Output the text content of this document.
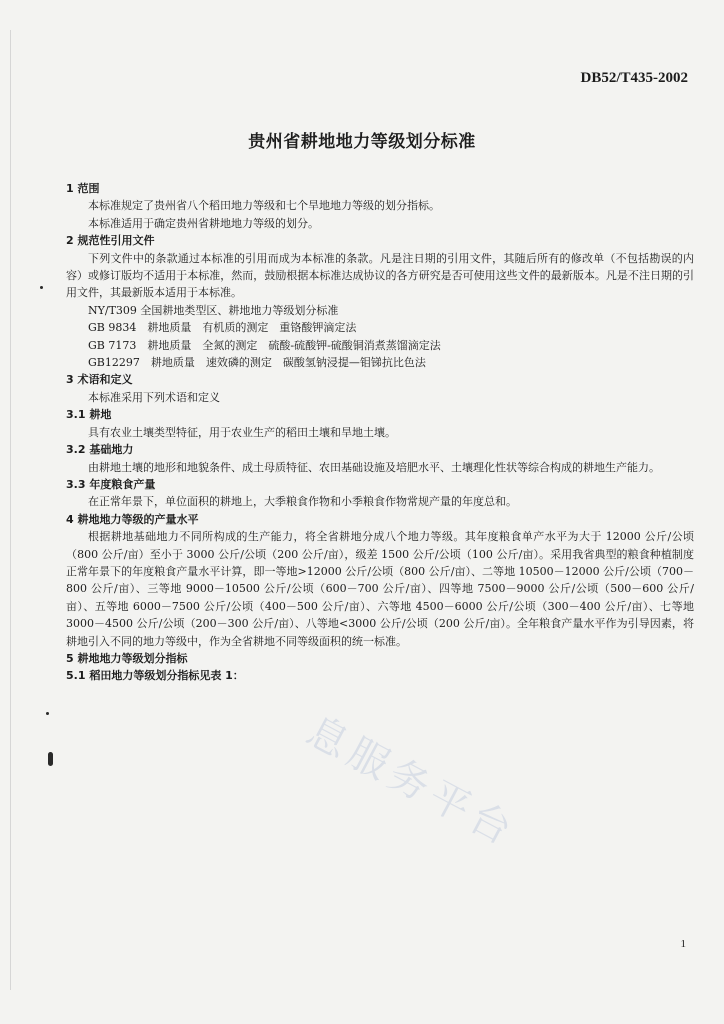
DB52/T435-2002
贵州省耕地地力等级划分标准

1 范围

本标准规定了贵州省八个稻田地力等级和七个旱地地力等级的划分指标。

本标准适用于确定贵州省耕地地力等级的划分。

2 规范性引用文件

下列文件中的条款通过本标准的引用而成为本标准的条款。凡是注日期的引用文件，其随后所有的修改单（不包括勘误的内容）或修订版均不适用于本标准，然而，鼓励根据本标准达成协议的各方研究是否可使用这些文件的最新版本。凡是不注日期的引用文件，其最新版本适用于本标准。

NY/T309 全国耕地类型区、耕地地力等级划分标准

GB 9834　耕地质量　有机质的测定　重铬酸钾滴定法

GB 7173　耕地质量　全氮的测定　硫酸-硫酸钾-硫酸铜消煮蒸馏滴定法

GB12297　耕地质量　速效磷的测定　碳酸氢钠浸提—钼锑抗比色法

3 术语和定义

本标准采用下列术语和定义

3.1 耕地

具有农业土壤类型特征，用于农业生产的稻田土壤和旱地土壤。

3.2 基础地力

由耕地土壤的地形和地貌条件、成土母质特征、农田基础设施及培肥水平、土壤理化性状等综合构成的耕地生产能力。

3.3 年度粮食产量

在正常年景下，单位面积的耕地上，大季粮食作物和小季粮食作物常规产量的年度总和。

4 耕地地力等级的产量水平

根据耕地基础地力不同所构成的生产能力，将全省耕地分成八个地力等级。其年度粮食单产水平为大于 12000 公斤/公顷（800 公斤/亩）至小于 3000 公斤/公顷（200 公斤/亩），级差 1500 公斤/公顷（100 公斤/亩）。采用我省典型的粮食种植制度正常年景下的年度粮食产量水平计算，即一等地>12000 公斤/公顷（800 公斤/亩）、二等地 10500－12000 公斤/公顷（700－800 公斤/亩）、三等地 9000－10500 公斤/公顷（600－700 公斤/亩）、四等地 7500－9000 公斤/公顷（500－600 公斤/亩）、五等地 6000－7500 公斤/公顷（400－500 公斤/亩）、六等地 4500－6000 公斤/公顷（300－400 公斤/亩）、七等地 3000－4500 公斤/公顷（200－300 公斤/亩）、八等地<3000 公斤/公顷（200 公斤/亩）。全年粮食产量水平作为引导因素，将耕地引入不同的地力等级中，作为全省耕地不同等级面积的统一标准。

5 耕地地力等级划分指标

5.1 稻田地力等级划分指标见表 1：

息服务平台
1
